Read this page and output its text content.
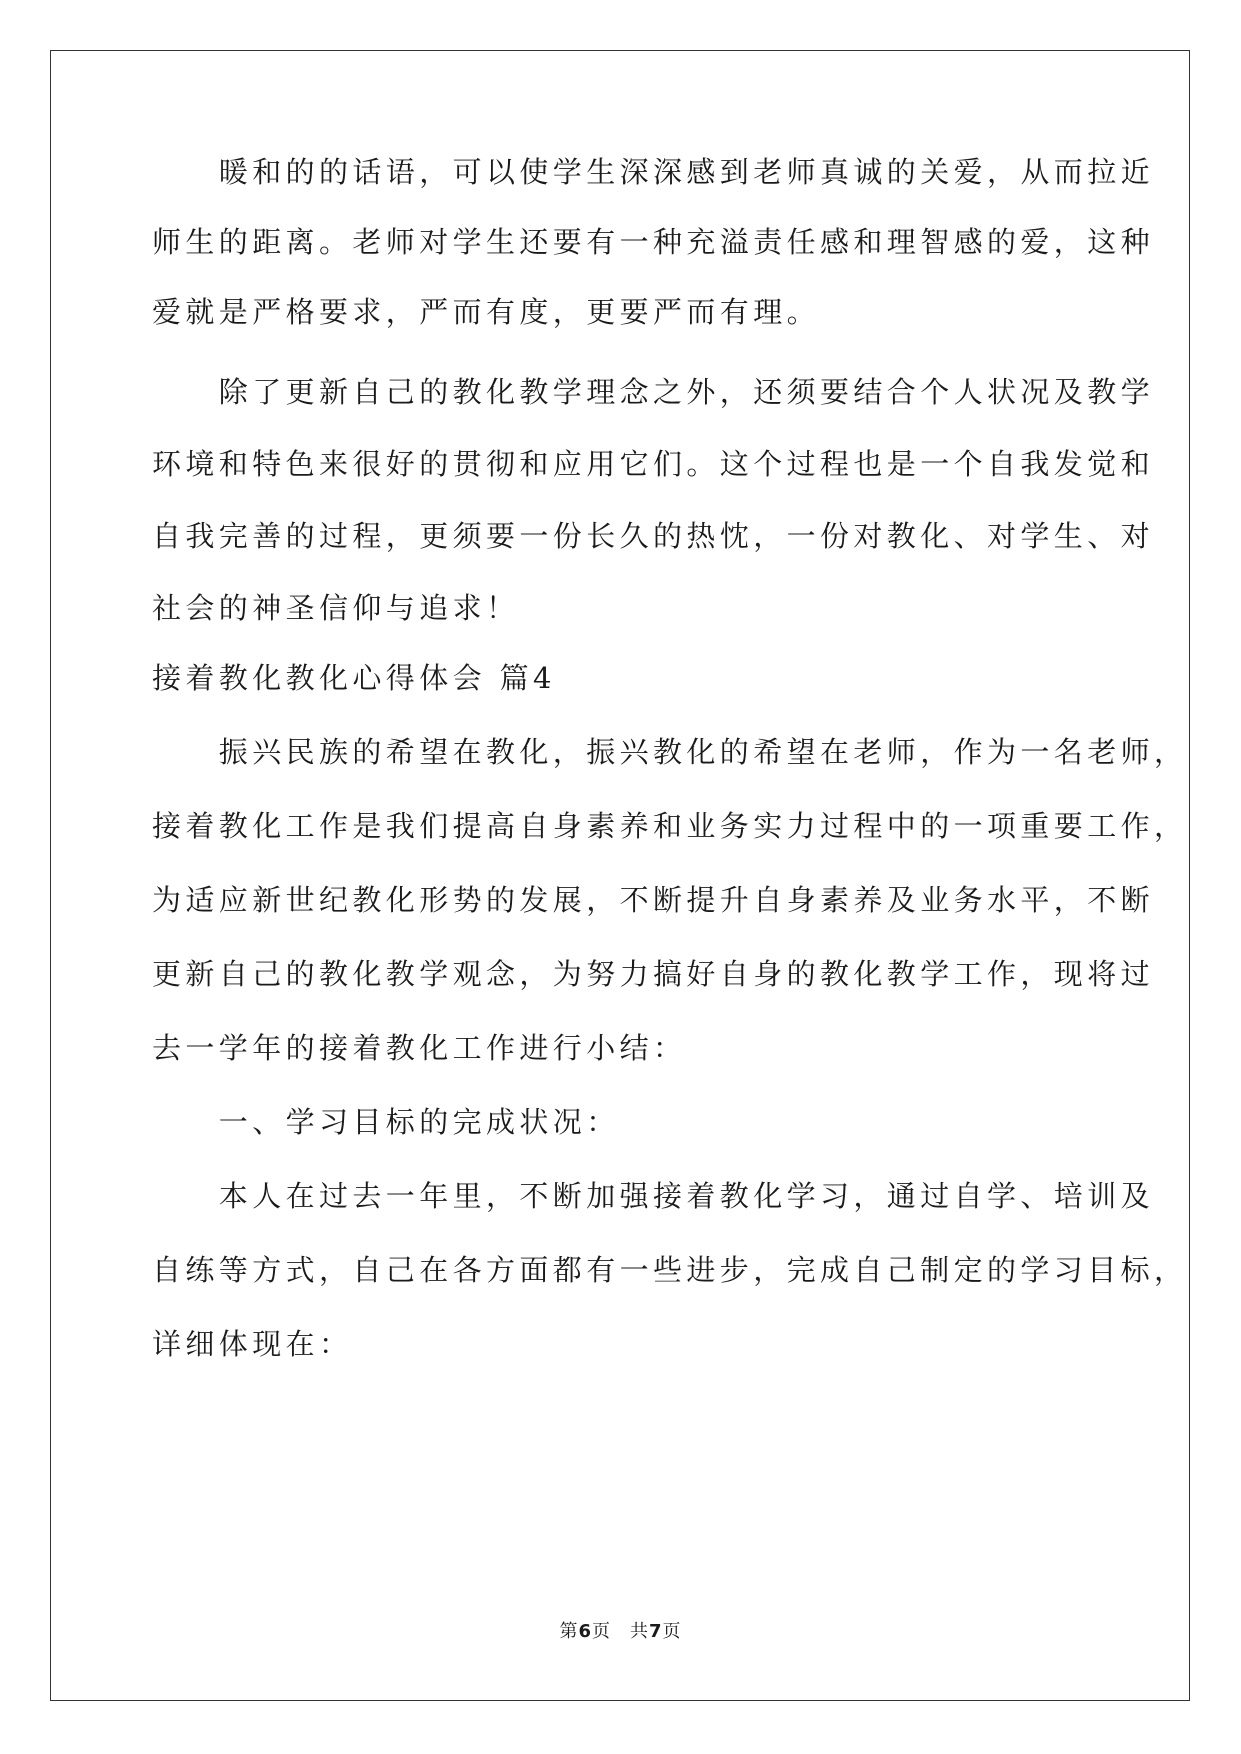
　　暖和的的话语，可以使学生深深感到老师真诚的关爱，从而拉近
师生的距离。老师对学生还要有一种充溢责任感和理智感的爱，这种
爱就是严格要求，严而有度，更要严而有理。
　　除了更新自己的教化教学理念之外，还须要结合个人状况及教学
环境和特色来很好的贯彻和应用它们。这个过程也是一个自我发觉和
自我完善的过程，更须要一份长久的热忱，一份对教化、对学生、对
社会的神圣信仰与追求！
接着教化教化心得体会 篇4
　　振兴民族的希望在教化，振兴教化的希望在老师，作为一名老师，
接着教化工作是我们提高自身素养和业务实力过程中的一项重要工作，
为适应新世纪教化形势的发展，不断提升自身素养及业务水平，不断
更新自己的教化教学观念，为努力搞好自身的教化教学工作，现将过
去一学年的接着教化工作进行小结：
　　一、学习目标的完成状况：
　　本人在过去一年里，不断加强接着教化学习，通过自学、培训及
自练等方式，自己在各方面都有一些进步，完成自己制定的学习目标，
详细体现在：
第6页　共7页
